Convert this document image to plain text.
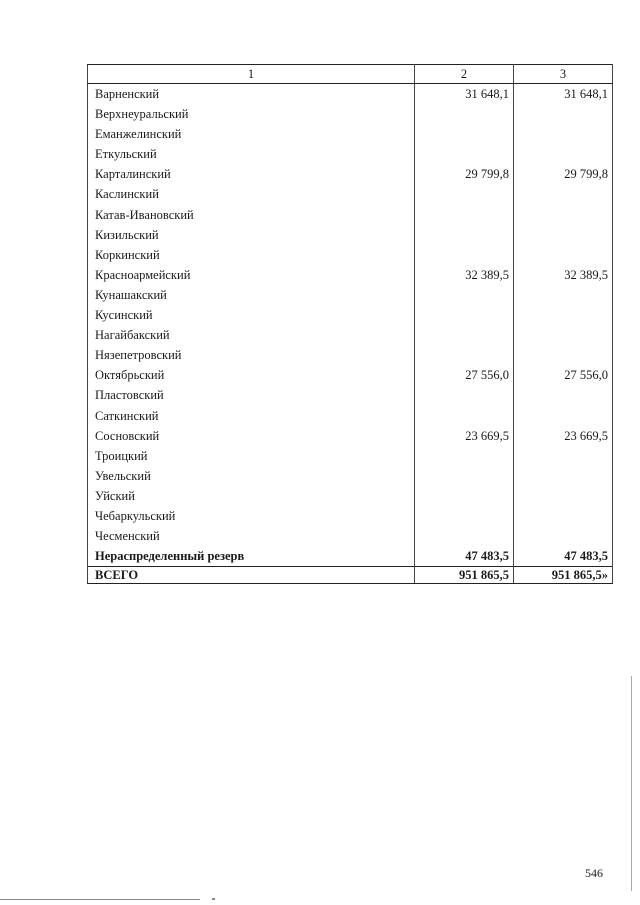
1	2	3
Варненский	31 648,1	31 648,1
Верхнеуральский		
Еманжелинский		
Еткульский		
Карталинский	29 799,8	29 799,8
Каслинский		
Катав-Ивановский		
Кизильский		
Коркинский		
Красноармейский	32 389,5	32 389,5
Кунашакский		
Кусинский		
Нагайбакский		
Нязепетровский		
Октябрьский	27 556,0	27 556,0
Пластовский		
Саткинский		
Сосновский	23 669,5	23 669,5
Троицкий		
Увельский		
Уйский		
Чебаркульский		
Чесменский		
Нераспределенный резерв	47 483,5	47 483,5
ВСЕГО	951 865,5	951 865,5»
546
